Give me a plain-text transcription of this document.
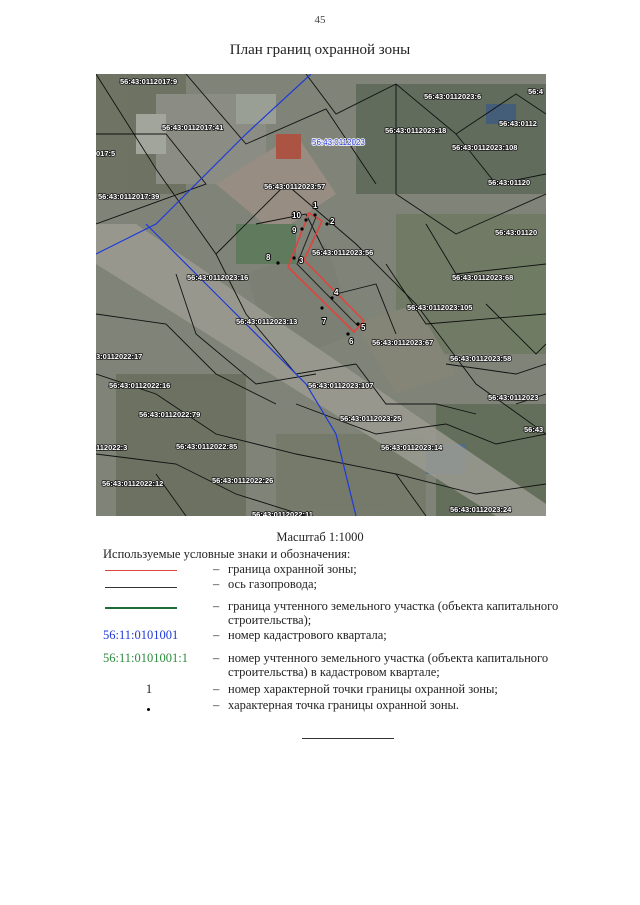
45
План границ охранной зоны
1
2
3
4
5
6
7
8
9
10
56:43:0112023
56:43:0112017:9
56:43:0112017:41
017:5
56:43:0112017:39
56:43:0112023:6
56:4
56:43:0112023:18
56:43:0112
56:43:0112023:108
56:43:01120
56:43:0112023:57
56:43:0112023:56
56:43:01120
56:43:0112023:16	56:43:0112023:68
56:43:0112023:105
56:43:0112023:13
56:43:0112023:67
3:0112022:17	56:43:0112023:58
56:43:0112022:16	56:43:0112023:107
56:43:0112022:79	56:43:0112023:25
56:43:0112023
56:43
112022:3	56:43:0112022:85	56:43:0112023:14
56:43:0112022:12	56:43:0112022:26
56:43:0112023:24
56:43:0112022:11
Масштаб 1:1000
Используемые условные знаки и обозначения:
– граница охранной зоны;
– ось газопровода;
– граница учтенного земельного участка (объекта капитального строительства);
56:11:0101001	– номер кадастрового квартала;
56:11:0101001:1	– номер учтенного земельного участка (объекта капитального строительства) в кадастровом квартале;
1	– номер характерной точки границы охранной зоны;
– характерная точка границы охранной зоны.
